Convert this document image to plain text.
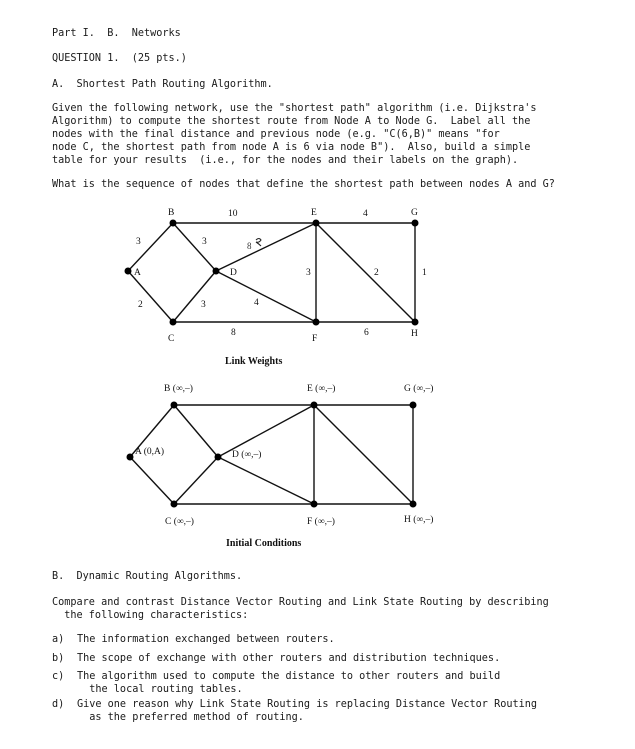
Part I.  B.  Networks
QUESTION 1.  (25 pts.)
A.  Shortest Path Routing Algorithm.
Given the following network, use the "shortest path" algorithm (i.e. Dijkstra's
Algorithm) to compute the shortest route from Node A to Node G.  Label all the
nodes with the final distance and previous node (e.g. "C(6,B)" means "for
node C, the shortest path from node A is 6 via node B").  Also, build a simple
table for your results  (i.e., for the nodes and their labels on the graph).
What is the sequence of nodes that define the shortest path between nodes A and G?
A
B
C
D
E
F
G
H
10	4
3	3
2	3	4
3	2	1
8	6
8
Link Weights
A (0,A)
B (∞,–)
C (∞,–)
D (∞,–)
E (∞,–)
F (∞,–)
G (∞,–)
H (∞,–)
Initial Conditions
B.  Dynamic Routing Algorithms.
Compare and contrast Distance Vector Routing and Link State Routing by describing
the following characteristics:
a) The information exchanged between routers.
b) The scope of exchange with other routers and distribution techniques.
c) The algorithm used to compute the distance to other routers and build
the local routing tables.
d) Give one reason why Link State Routing is replacing Distance Vector Routing
as the preferred method of routing.
